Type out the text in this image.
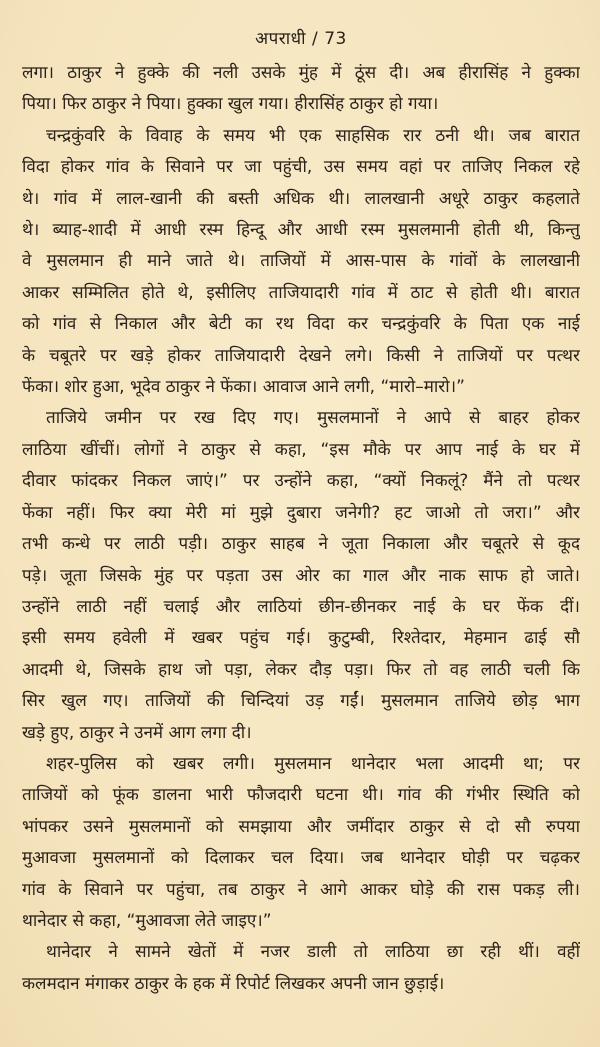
अपराधी / 73
लगा। ठाकुर ने हुक्के की नली उसके मुंह में ठूंस दी। अब हीरासिंह ने हुक्का
पिया। फिर ठाकुर ने पिया। हुक्का खुल गया। हीरासिंह ठाकुर हो गया।
चन्द्रकुंवरि के विवाह के समय भी एक साहसिक रार ठनी थी। जब बारात
विदा होकर गांव के सिवाने पर जा पहुंची, उस समय वहां पर ताजिए निकल रहे
थे। गांव में लाल-खानी की बस्ती अधिक थी। लालखानी अधूरे ठाकुर कहलाते
थे। ब्याह-शादी में आधी रस्म हिन्दू और आधी रस्म मुसलमानी होती थी, किन्तु
वे मुसलमान ही माने जाते थे। ताजियों में आस-पास के गांवों के लालखानी
आकर सम्मिलित होते थे, इसीलिए ताजियादारी गांव में ठाट से होती थी। बारात
को गांव से निकाल और बेटी का रथ विदा कर चन्द्रकुंवरि के पिता एक नाई
के चबूतरे पर खड़े होकर ताजियादारी देखने लगे। किसी ने ताजियों पर पत्थर
फेंका। शोर हुआ, भूदेव ठाकुर ने फेंका। आवाज आने लगी, “मारो–मारो।”
ताजिये जमीन पर रख दिए गए। मुसलमानों ने आपे से बाहर होकर
लाठिया खींचीं। लोगों ने ठाकुर से कहा, “इस मौके पर आप नाई के घर में
दीवार फांदकर निकल जाएं।” पर उन्होंने कहा, “क्यों निकलूं? मैंने तो पत्थर
फेंका नहीं। फिर क्या मेरी मां मुझे दुबारा जनेगी? हट जाओ तो जरा।” और
तभी कन्धे पर लाठी पड़ी। ठाकुर साहब ने जूता निकाला और चबूतरे से कूद
पड़े। जूता जिसके मुंह पर पड़ता उस ओर का गाल और नाक साफ हो जाते।
उन्होंने लाठी नहीं चलाई और लाठियां छीन-छीनकर नाई के घर फेंक दीं।
इसी समय हवेली में खबर पहुंच गई। कुटुम्बी, रिश्तेदार, मेहमान ढाई सौ
आदमी थे, जिसके हाथ जो पड़ा, लेकर दौड़ पड़ा। फिर तो वह लाठी चली कि
सिर खुल गए। ताजियों की चिन्दियां उड़ गईं। मुसलमान ताजिये छोड़ भाग
खड़े हुए, ठाकुर ने उनमें आग लगा दी।
शहर-पुलिस को खबर लगी। मुसलमान थानेदार भला आदमी था; पर
ताजियों को फूंक डालना भारी फौजदारी घटना थी। गांव की गंभीर स्थिति को
भांपकर उसने मुसलमानों को समझाया और जमींदार ठाकुर से दो सौ रुपया
मुआवजा मुसलमानों को दिलाकर चल दिया। जब थानेदार घोड़ी पर चढ़कर
गांव के सिवाने पर पहुंचा, तब ठाकुर ने आगे आकर घोड़े की रास पकड़ ली।
थानेदार से कहा, “मुआवजा लेते जाइए।”
थानेदार ने सामने खेतों में नजर डाली तो लाठिया छा रही थीं। वहीं
कलमदान मंगाकर ठाकुर के हक में रिपोर्ट लिखकर अपनी जान छुड़ाई।
